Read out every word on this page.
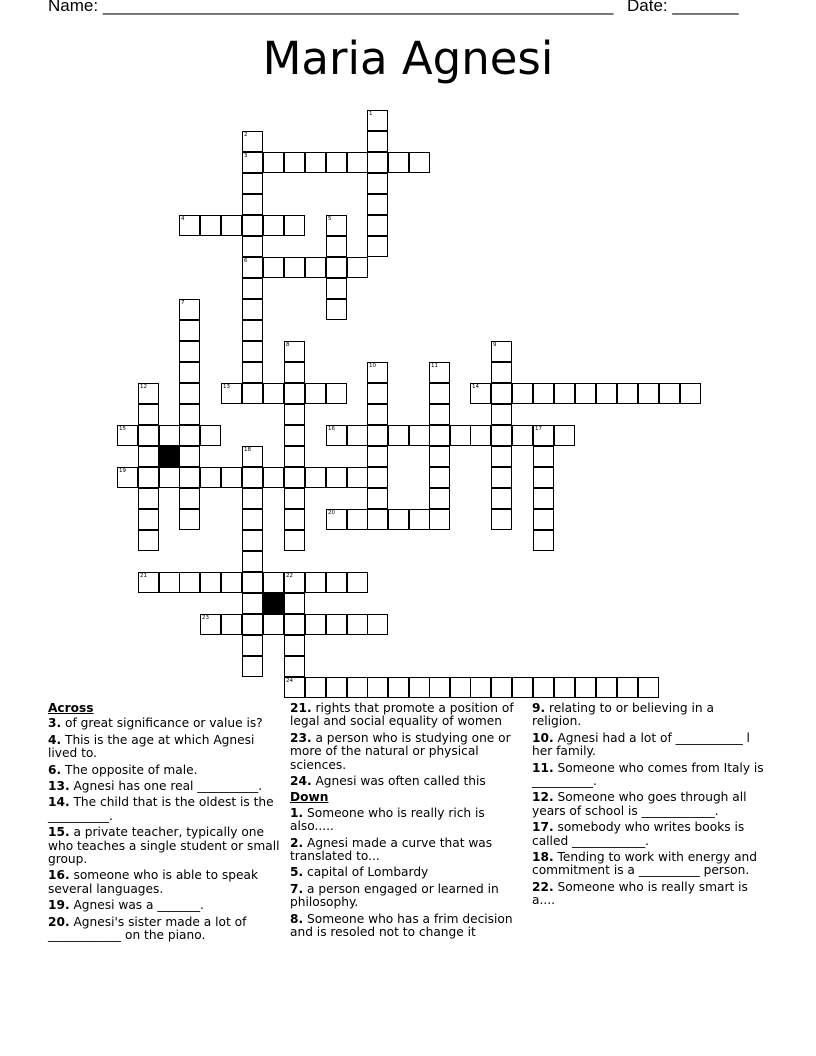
Name: ______________________________________________________ Date: _______
Maria Agnesi
1
2
3
4	5
6
7
8	9
10	11
12	13	14
15	16	17
18
19
20
21	22
23
24
Across
3. of great significance or value is?
4. This is the age at which Agnesi lived to.
6. The opposite of male.
13. Agnesi has one real __________.
14. The child that is the oldest is the __________.
15. a private teacher, typically one who teaches a single student or small group.
16. someone who is able to speak several languages.
19. Agnesi was a _______.
20. Agnesi's sister made a lot of ____________ on the piano.
21. rights that promote a position of legal and social equality of women
23. a person who is studying one or more of the natural or physical sciences.
24. Agnesi was often called this
Down
1. Someone who is really rich is also.....
2. Agnesi made a curve that was translated to...
5. capital of Lombardy
7. a person engaged or learned in philosophy.
8. Someone who has a frim decision and is resoled not to change it
9. relating to or believing in a religion.
10. Agnesi had a lot of ___________ l her family.
11. Someone who comes from Italy is __________.
12. Someone who goes through all years of school is ____________.
17. somebody who writes books is called ____________.
18. Tending to work with energy and commitment is a __________ person.
22. Someone who is really smart is a....
